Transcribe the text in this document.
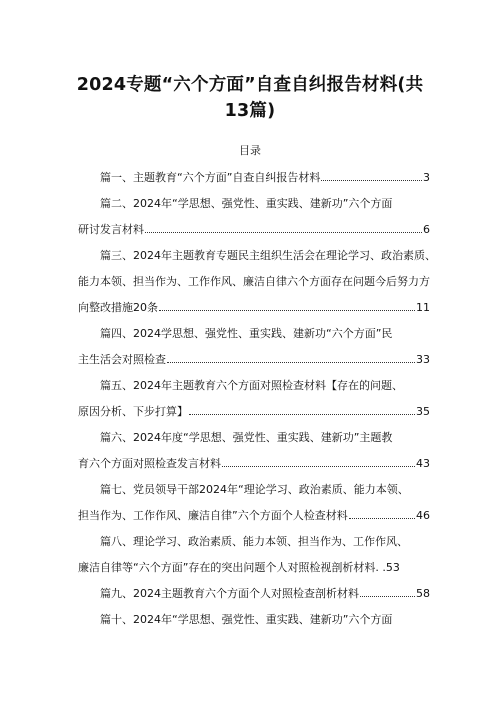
2024专题“六个方面”自查自纠报告材料(共
13篇)
目录
篇一、主题教育“六个方面”自查自纠报告材料	3
篇二、2024年“学思想、强党性、重实践、建新功”六个方面
研讨发言材料	6
篇三、2024年主题教育专题民主组织生活会在理论学习、政治素质、
能力本领、担当作为、工作作风、廉洁自律六个方面存在问题今后努力方
向整改措施20条	11
篇四、2024学思想、强党性、重实践、建新功“六个方面”民
主生活会对照检查	33
篇五、2024年主题教育六个方面对照检查材料【存在的问题、
原因分析、下步打算】	35
篇六、2024年度“学思想、强党性、重实践、建新功”主题教
育六个方面对照检查发言材料	43
篇七、党员领导干部2024年“理论学习、政治素质、能力本领、
担当作为、工作作风、廉洁自律”六个方面个人检查材料	46
篇八、理论学习、政治素质、能力本领、担当作为、工作作风、
廉洁自律等“六个方面”存在的突出问题个人对照检视剖析材料. .53
篇九、2024主题教育六个方面个人对照检查剖析材料	58
篇十、2024年“学思想、强党性、重实践、建新功”六个方面
